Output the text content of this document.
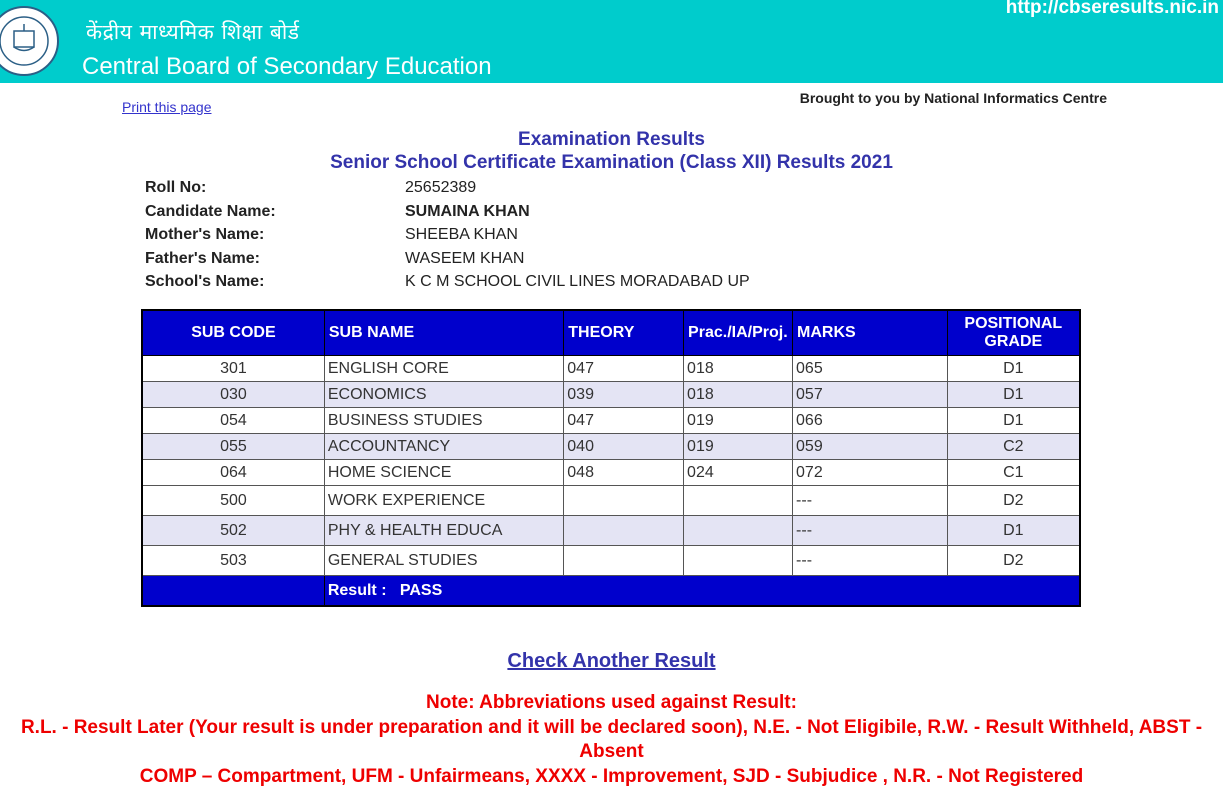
केंद्रीय माध्यमिक शिक्षा बोर्ड
Central Board of Secondary Education
http://cbseresults.nic.in
Print this page
Brought to you by National Informatics Centre
Examination Results
Senior School Certificate Examination (Class XII) Results 2021
Roll No:	25652389
Candidate Name:	SUMAINA KHAN
Mother's Name:	SHEEBA KHAN
Father's Name:	WASEEM KHAN
School's Name:	K C M SCHOOL CIVIL LINES MORADABAD UP
SUB CODE	SUB NAME	THEORY	Prac./IA/Proj.	MARKS	POSITIONAL
GRADE
301	ENGLISH CORE	047	018	065	D1
030	ECONOMICS	039	018	057	D1
054	BUSINESS STUDIES	047	019	066	D1
055	ACCOUNTANCY	040	019	059	C2
064	HOME SCIENCE	048	024	072	C1
500	WORK EXPERIENCE			---	D2
502	PHY & HEALTH EDUCA			---	D1
503	GENERAL STUDIES			---	D2
	Result :   PASS				
Check Another Result
Note: Abbreviations used against Result:
R.L. - Result Later (Your result is under preparation and it will be declared soon), N.E. - Not Eligibile, R.W. - Result Withheld, ABST -
Absent
COMP – Compartment, UFM - Unfairmeans, XXXX - Improvement, SJD - Subjudice , N.R. - Not Registered
